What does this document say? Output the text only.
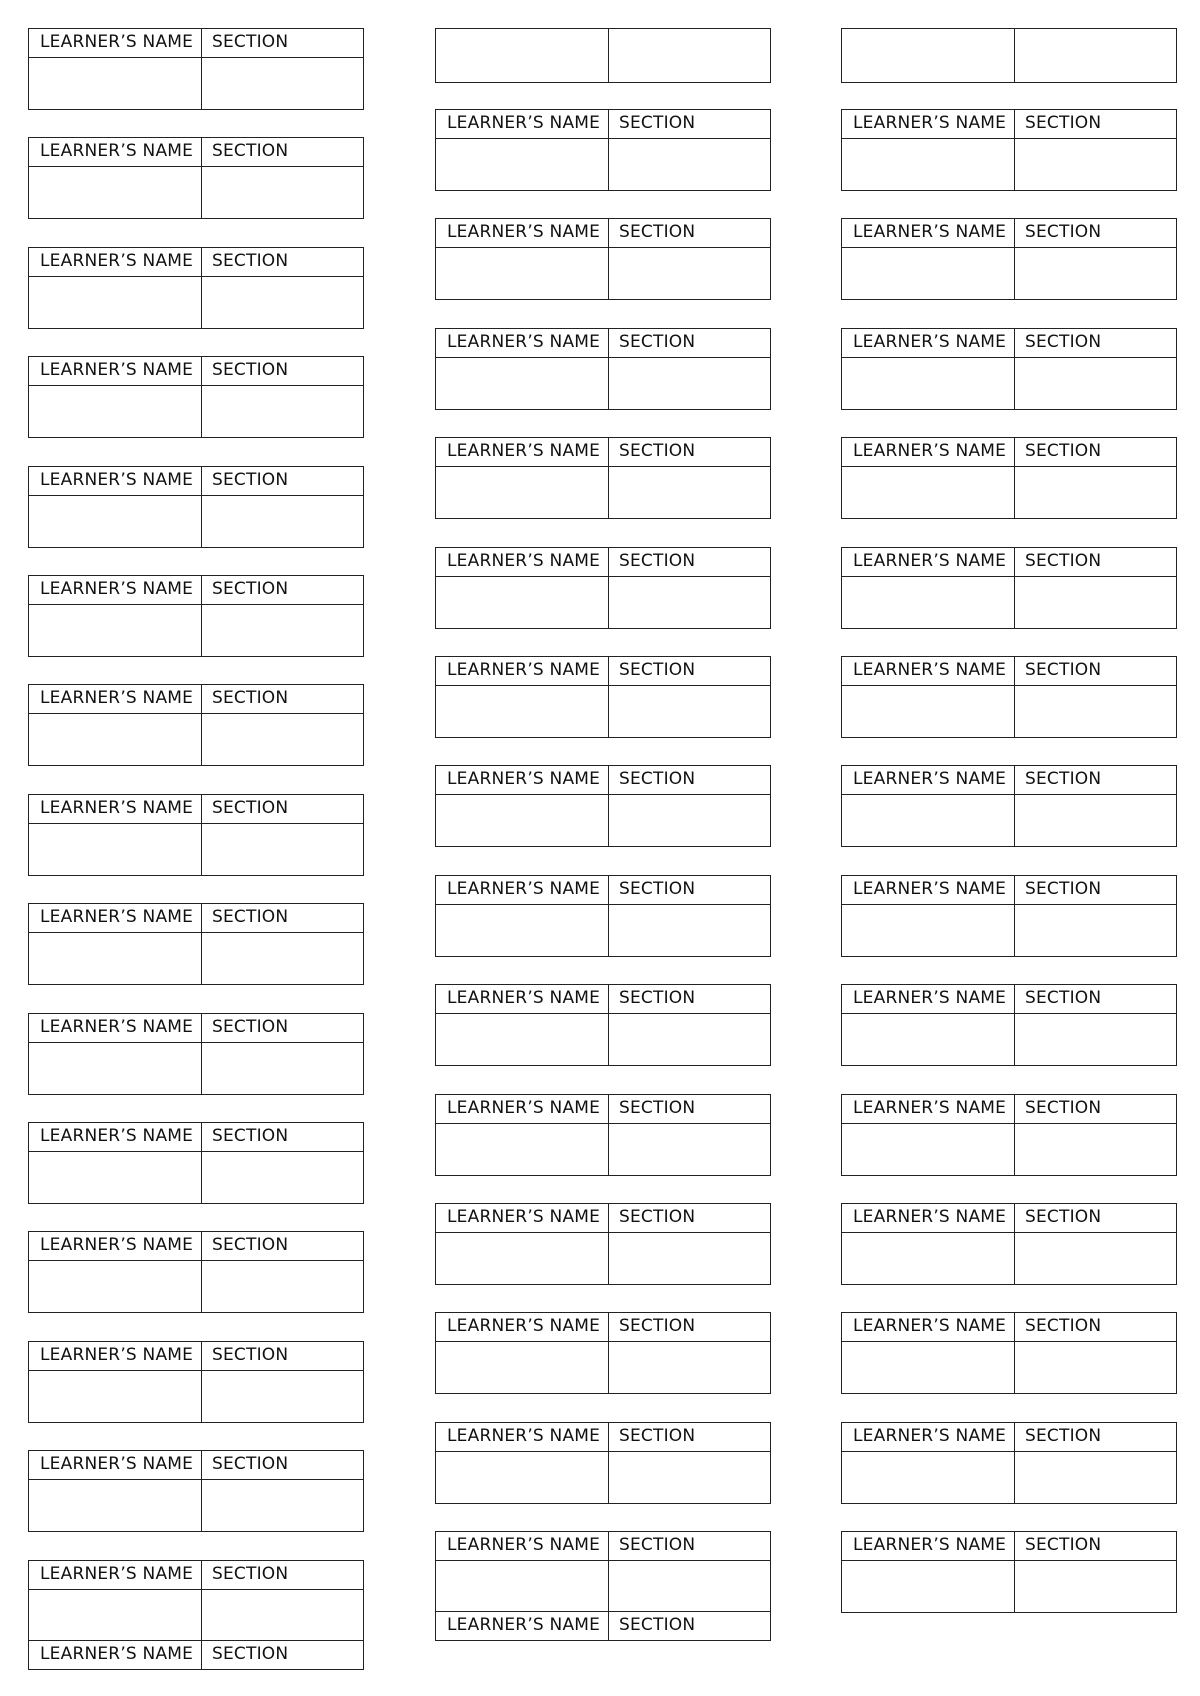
LEARNER’S NAME	SECTION
LEARNER’S NAME	SECTION
LEARNER’S NAME	SECTION
LEARNER’S NAME	SECTION
LEARNER’S NAME	SECTION
LEARNER’S NAME	SECTION
LEARNER’S NAME	SECTION
LEARNER’S NAME	SECTION
LEARNER’S NAME	SECTION
LEARNER’S NAME	SECTION
LEARNER’S NAME	SECTION
LEARNER’S NAME	SECTION
LEARNER’S NAME	SECTION
LEARNER’S NAME	SECTION
LEARNER’S NAME	SECTION
LEARNER’S NAME	SECTION
LEARNER’S NAME	SECTION
LEARNER’S NAME	SECTION
LEARNER’S NAME	SECTION
LEARNER’S NAME	SECTION
LEARNER’S NAME	SECTION
LEARNER’S NAME	SECTION
LEARNER’S NAME	SECTION
LEARNER’S NAME	SECTION
LEARNER’S NAME	SECTION
LEARNER’S NAME	SECTION
LEARNER’S NAME	SECTION
LEARNER’S NAME	SECTION
LEARNER’S NAME	SECTION
LEARNER’S NAME	SECTION
LEARNER’S NAME	SECTION
LEARNER’S NAME	SECTION
LEARNER’S NAME	SECTION
LEARNER’S NAME	SECTION
LEARNER’S NAME	SECTION
LEARNER’S NAME	SECTION
LEARNER’S NAME	SECTION
LEARNER’S NAME	SECTION
LEARNER’S NAME	SECTION
LEARNER’S NAME	SECTION
LEARNER’S NAME	SECTION
LEARNER’S NAME	SECTION
LEARNER’S NAME	SECTION
LEARNER’S NAME	SECTION
LEARNER’S NAME	SECTION
